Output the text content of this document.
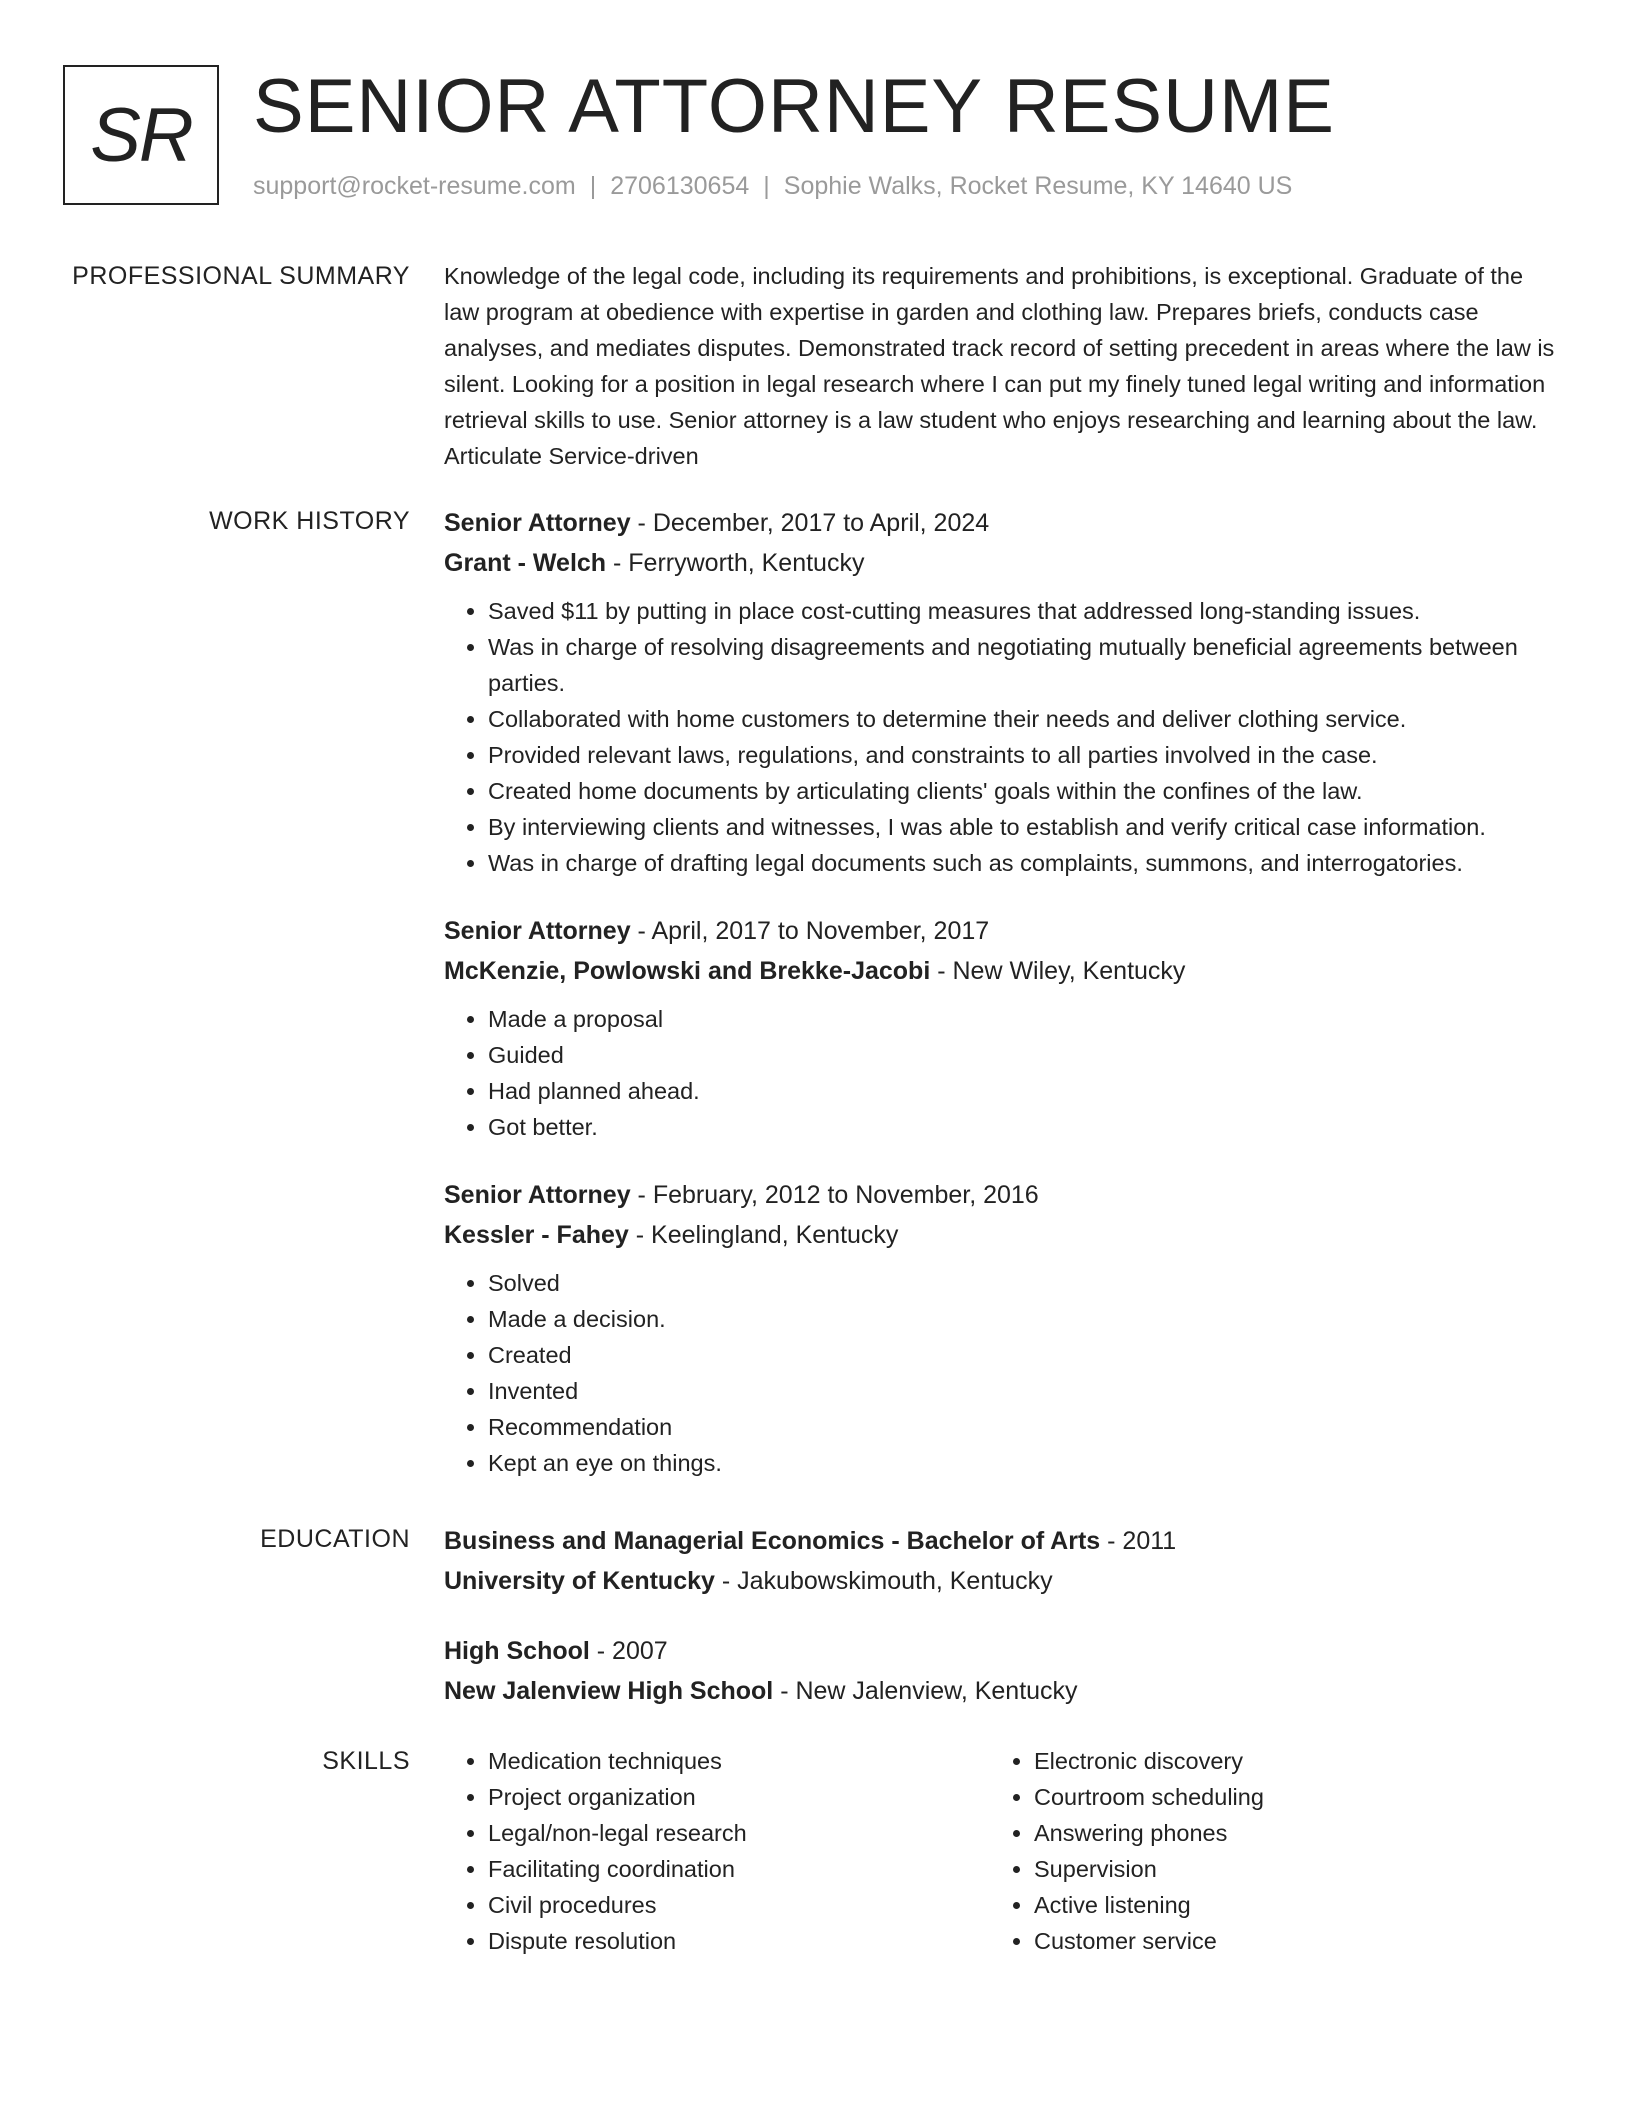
SR SENIOR ATTORNEY RESUME
support@rocket-resume.com | 2706130654 | Sophie Walks, Rocket Resume, KY 14640 US
PROFESSIONAL SUMMARY Knowledge of the legal code, including its requirements and prohibitions, is exceptional. Graduate of the law program at obedience with expertise in garden and clothing law. Prepares briefs, conducts case analyses, and mediates disputes. Demonstrated track record of setting precedent in areas where the law is silent. Looking for a position in legal research where I can put my finely tuned legal writing and information retrieval skills to use. Senior attorney is a law student who enjoys researching and learning about the law. Articulate Service-driven

WORK HISTORY Senior Attorney - December, 2017 to April, 2024
Grant - Welch - Ferryworth, Kentucky
• Saved $11 by putting in place cost-cutting measures that addressed long-standing issues.
• Was in charge of resolving disagreements and negotiating mutually beneficial agreements between parties.
• Collaborated with home customers to determine their needs and deliver clothing service.
• Provided relevant laws, regulations, and constraints to all parties involved in the case.
• Created home documents by articulating clients' goals within the confines of the law.
• By interviewing clients and witnesses, I was able to establish and verify critical case information.
• Was in charge of drafting legal documents such as complaints, summons, and interrogatories.
Senior Attorney - April, 2017 to November, 2017
McKenzie, Powlowski and Brekke-Jacobi - New Wiley, Kentucky
• Made a proposal
• Guided
• Had planned ahead.
• Got better.
Senior Attorney - February, 2012 to November, 2016
Kessler - Fahey - Keelingland, Kentucky
• Solved
• Made a decision.
• Created
• Invented
• Recommendation
• Kept an eye on things.
EDUCATION Business and Managerial Economics - Bachelor of Arts - 2011
University of Kentucky - Jakubowskimouth, Kentucky
High School - 2007
New Jalenview High School - New Jalenview, Kentucky
SKILLS
•	Medication techniques
• Project organization
• Legal/non-legal research
• Facilitating coordination
• Civil procedures
• Dispute resolution
• Electronic discovery
• Courtroom scheduling
• Answering phones
• Supervision
• Active listening
• Customer service
